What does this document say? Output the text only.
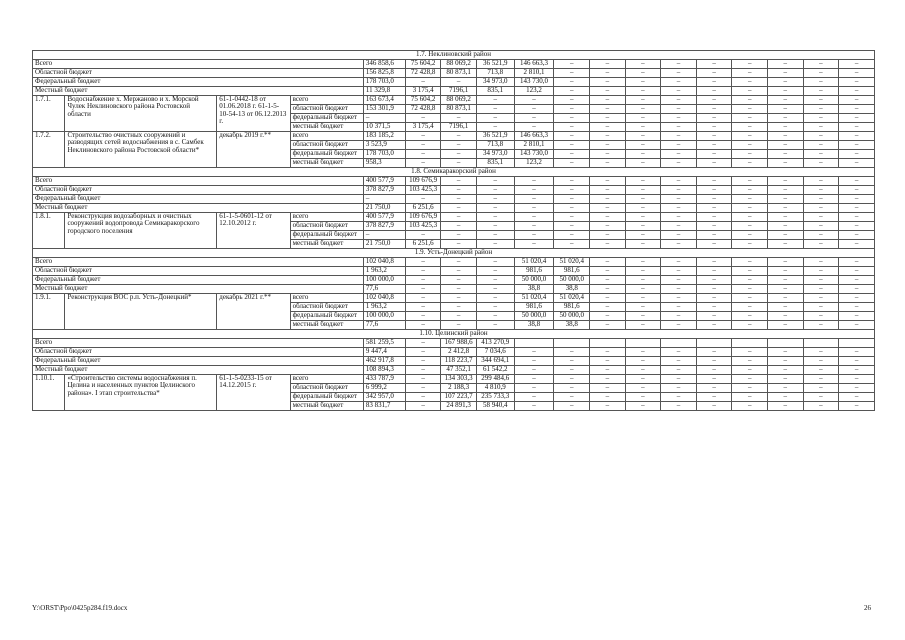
1.7. Неклиновский район																	
Всего				346 858,6	75 604,2	88 069,2	36 521,9	146 663,3	–	–	–	–	–	–	–	–	–
Областной бюджет				156 825,8	72 428,8	80 873,1	713,8	2 810,1	–	–	–	–	–	–	–	–	–
Федеральный бюджет				178 703,0	–	–	34 973,0	143 730,0	–	–	–	–	–	–	–	–	–
Местный бюджет				11 329,8	3 175,4	7196,1	835,1	123,2	–	–	–	–	–	–	–	–	–
1.7.1.	Водоснабжение х. Мержаново и х. Морской Чулек Неклиновского района Ростовской области	61-1-0442-18 от 01.06.2018 г. 61-1-5-10-54-13 от 06.12.2013 г.	всего	163 673,4	75 604,2	88 069,2	–	–	–	–	–	–	–	–	–	–	–
			областной бюджет	153 301,9	72 428,8	80 873,1	–	–	–	–	–	–	–	–	–	–	–
			федеральный бюджет	–	–	–	–	–	–	–	–	–	–	–	–	–	–
			местный бюджет	10 371,5	3 175,4	7196,1	–	–	–	–	–	–	–	–	–	–	–
1.7.2.	Строительство очистных сооружений и разводящих сетей водоснабжения в с. Самбек Неклиновского района Ростовской области*	декабрь 2019 г.**	всего	183 185,2	–	–	36 521,9	146 663,3	–	–	–	–	–	–	–	–	–
			областной бюджет	3 523,9	–	–	713,8	2 810,1	–	–	–	–	–	–	–	–	–
			федеральный бюджет	178 703,0	–	–	34 973,0	143 730,0	–	–	–	–	–	–	–	–	–
			местный бюджет	958,3	–	–	835,1	123,2	–	–	–	–	–	–	–	–	–
1.8. Семикаракорский район																	
Всего				400 577,9	109 676,9	–	–	–	–	–	–	–	–	–	–	–	–
Областной бюджет				378 827,9	103 425,3	–	–	–	–	–	–	–	–	–	–	–	–
Федеральный бюджет				–	–	–	–	–	–	–	–	–	–	–	–	–	–
Местный бюджет				21 750,0	6 251,6	–	–	–	–	–	–	–	–	–	–	–	–
1.8.1.	Реконструкция водозаборных и очистных сооружений водопровода Семикаракорского городского поселения	61-1-5-0601-12 от 12.10.2012 г.	всего	400 577,9	109 676,9	–	–	–	–	–	–	–	–	–	–	–	–
			областной бюджет	378 827,9	103 425,3	–	–	–	–	–	–	–	–	–	–	–	–
			федеральный бюджет	–	–	–	–	–	–	–	–	–	–	–	–	–	–
			местный бюджет	21 750,0	6 251,6	–	–	–	–	–	–	–	–	–	–	–	–
1.9. Усть-Донецкий район																	
Всего				102 040,8	–	–	–	51 020,4	51 020,4	–	–	–	–	–	–	–	–
Областной бюджет				1 963,2	–	–	–	981,6	981,6	–	–	–	–	–	–	–	–
Федеральный бюджет				100 000,0	–	–	–	50 000,0	50 000,0	–	–	–	–	–	–	–	–
Местный бюджет				77,6	–	–	–	38,8	38,8	–	–	–	–	–	–	–	–
1.9.1.	Реконструкция ВОС р.п. Усть-Донецкий*	декабрь 2021 г.**	всего	102 040,8	–	–	–	51 020,4	51 020,4	–	–	–	–	–	–	–	–
			областной бюджет	1 963,2	–	–	–	981,6	981,6	–	–	–	–	–	–	–	–
			федеральный бюджет	100 000,0	–	–	–	50 000,0	50 000,0	–	–	–	–	–	–	–	–
			местный бюджет	77,6	–	–	–	38,8	38,8	–	–	–	–	–	–	–	–
1.10. Целинский район																	
Всего				581 259,5	–	167 988,6	413 270,9										
Областной бюджет				9 447,4	–	2 412,8	7 034,6	–	–	–	–	–	–	–	–	–	–
Федеральный бюджет				462 917,8	–	118 223,7	344 694,1	–	–	–	–	–	–	–	–	–	–
Местный бюджет				108 894,3	–	47 352,1	61 542,2	–	–	–	–	–	–	–	–	–	–
1.10.1.	«Строительство системы водоснабжения п. Целина и населенных пунктов Целинского района». I этап строительства*	61-1-5-0233-15 от 14.12.2015 г.	всего	433 787,9	–	134 303,3	299 484,6	–	–	–	–	–	–	–	–	–	–
			областной бюджет	6 999,2	–	2 188,3	4 810,9	–	–	–	–	–	–	–	–	–	–
			федеральный бюджет	342 957,0	–	107 223,7	235 733,3	–	–	–	–	–	–	–	–	–	–
			местный бюджет	83 831,7	–	24 891,3	58 940,4	–	–	–	–	–	–	–	–	–	–
Y:\ORST\Ppo\0425p284.f19.docx	26
